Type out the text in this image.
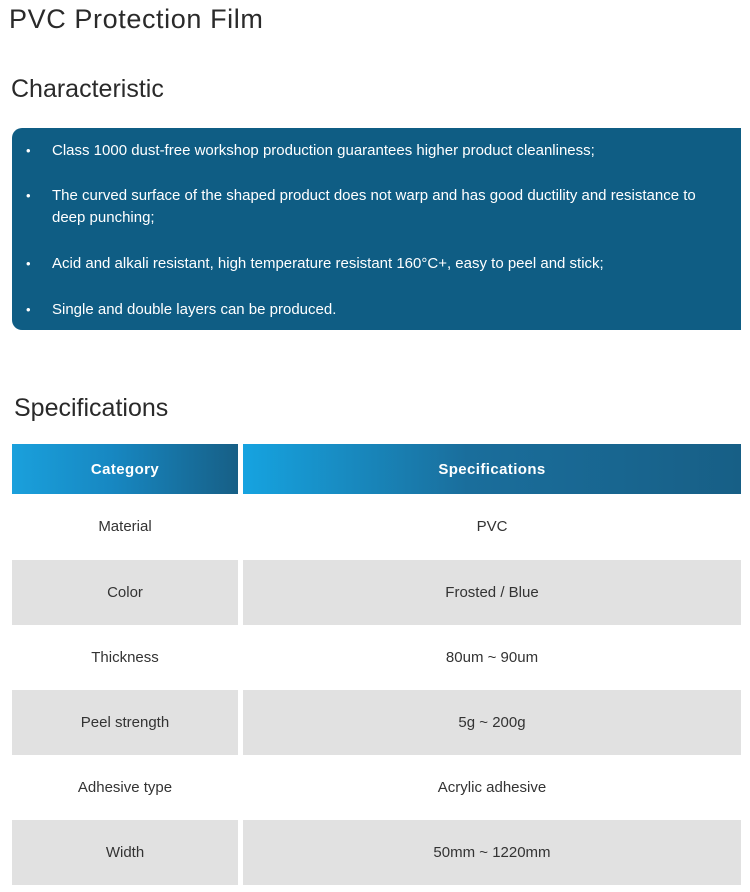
PVC Protection Film
Characteristic
• Class 1000 dust-free workshop production guarantees higher product cleanliness;
• The curved surface of the shaped product does not warp and has good ductility and resistance to deep punching;
• Acid and alkali resistant, high temperature resistant 160°C+, easy to peel and stick;
• Single and double layers can be produced.
Specifications
Category	Specifications
Material	PVC
Color	Frosted / Blue
Thickness	80um ~ 90um
Peel strength	5g ~ 200g
Adhesive type	Acrylic adhesive
Width	50mm ~ 1220mm
